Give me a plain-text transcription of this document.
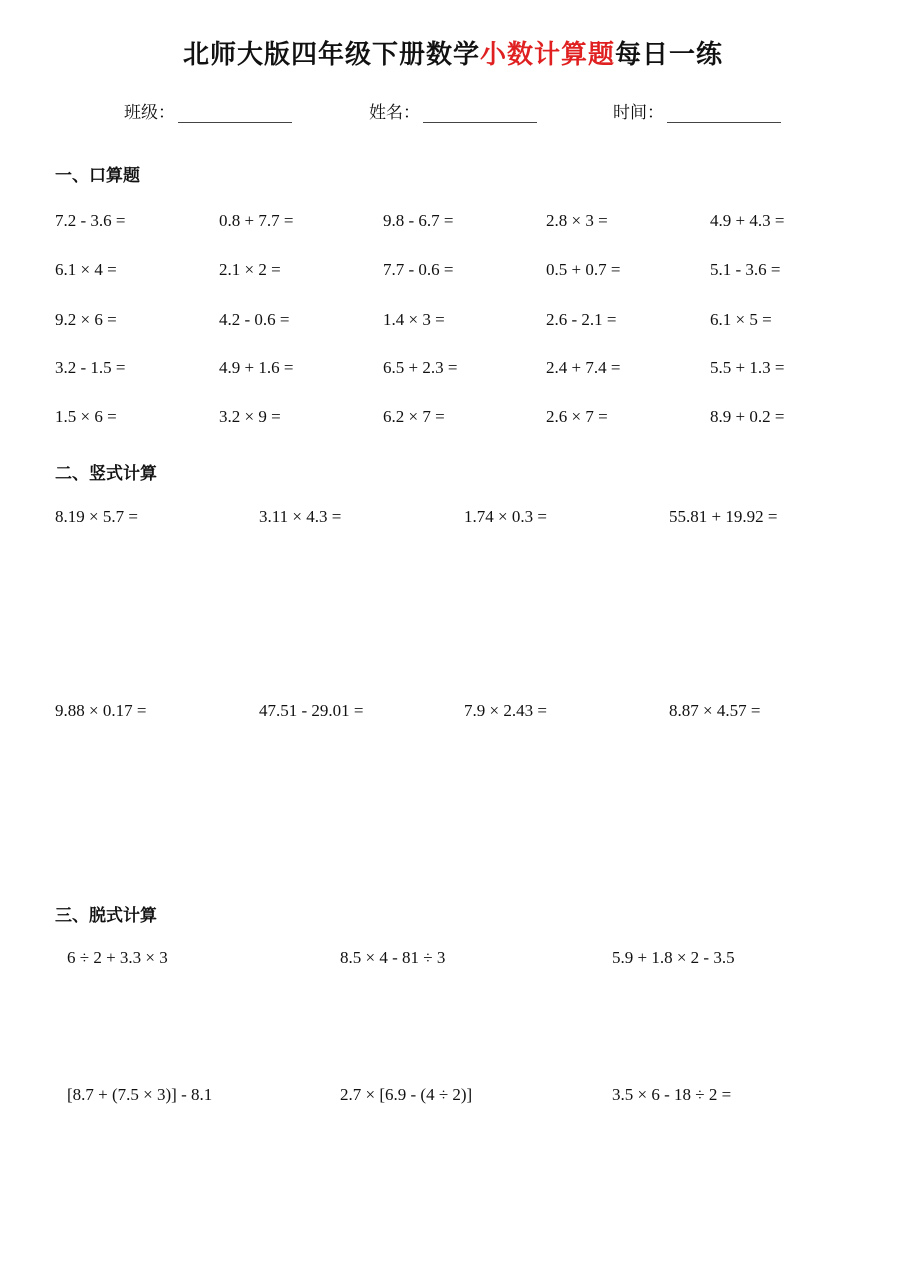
北师大版四年级下册数学小数计算题每日一练
班级：	姓名：	时间：
一、口算题
7.2 - 3.6 =	0.8 + 7.7 =	9.8 - 6.7 =	2.8 × 3 =	4.9 + 4.3 =
6.1 × 4 =	2.1 × 2 =	7.7 - 0.6 =	0.5 + 0.7 =	5.1 - 3.6 =
9.2 × 6 =	4.2 - 0.6 =	1.4 × 3 =	2.6 - 2.1 =	6.1 × 5 =
3.2 - 1.5 =	4.9 + 1.6 =	6.5 + 2.3 =	2.4 + 7.4 =	5.5 + 1.3 =
1.5 × 6 =	3.2 × 9 =	6.2 × 7 =	2.6 × 7 =	8.9 + 0.2 =
二、竖式计算
8.19 × 5.7 =	3.11 × 4.3 =	1.74 × 0.3 =	55.81 + 19.92 =
9.88 × 0.17 =	47.51 - 29.01 =	7.9 × 2.43 =	8.87 × 4.57 =
三、脱式计算
6 ÷ 2 + 3.3 × 3	8.5 × 4 - 81 ÷ 3	5.9 + 1.8 × 2 - 3.5
[8.7 + (7.5 × 3)] - 8.1	2.7 × [6.9 - (4 ÷ 2)]	3.5 × 6 - 18 ÷ 2 =
